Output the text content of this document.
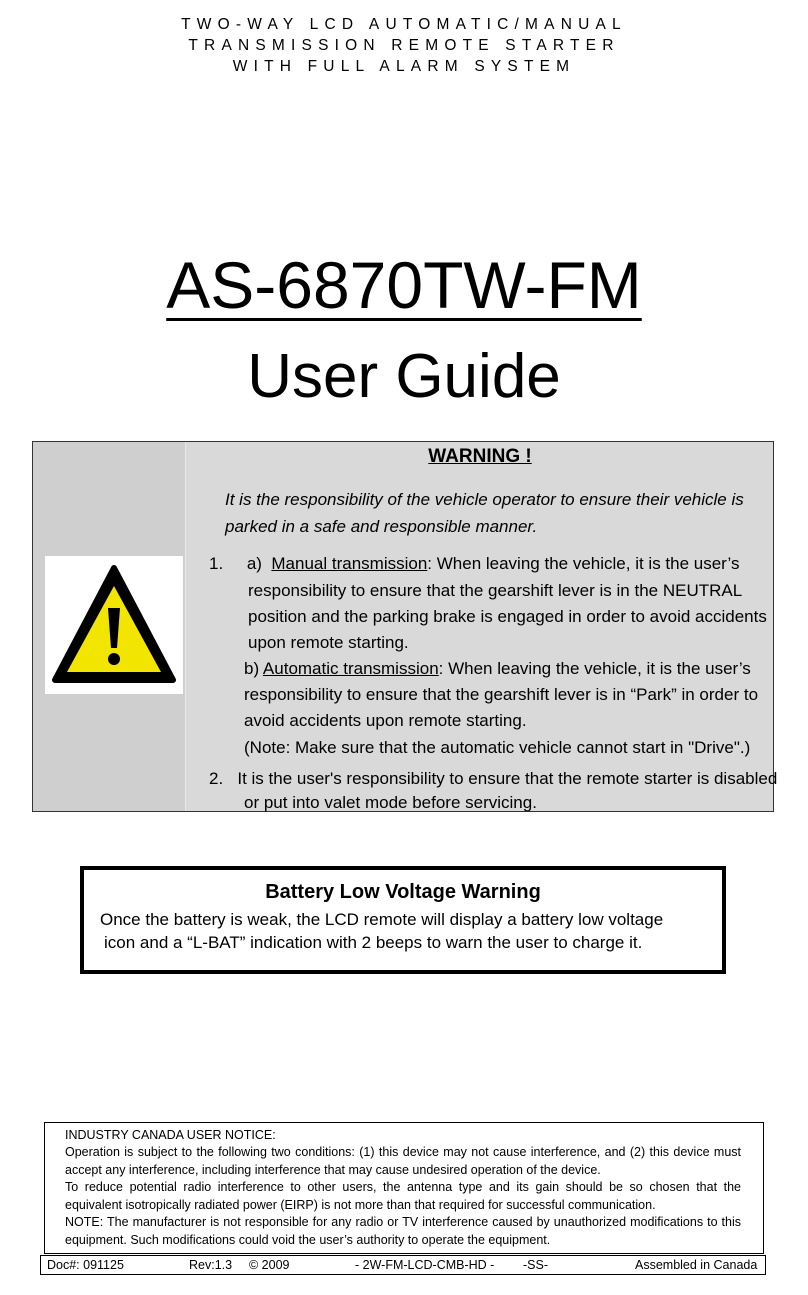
TWO-WAY LCD AUTOMATIC/MANUAL
TRANSMISSION REMOTE STARTER
WITH FULL ALARM SYSTEM
AS-6870TW-FM
User Guide
WARNING !
It is the responsibility of the vehicle operator to ensure their vehicle is parked in a safe and responsible manner.
1. a) Manual transmission: When leaving the vehicle, it is the user’s
responsibility to ensure that the gearshift lever is in the NEUTRAL
position and the parking brake is engaged in order to avoid accidents
upon remote starting.
b) Automatic transmission: When leaving the vehicle, it is the user’s
responsibility to ensure that the gearshift lever is in “Park” in order to
avoid accidents upon remote starting.
(Note: Make sure that the automatic vehicle cannot start in "Drive".)
2. It is the user's responsibility to ensure that the remote starter is disabled
or put into valet mode before servicing.
Battery Low Voltage Warning
Once the battery is weak, the LCD remote will display a battery low voltage
icon and a “L-BAT” indication with 2 beeps to warn the user to charge it.
INDUSTRY CANADA USER NOTICE:
Operation is subject to the following two conditions: (1) this device may not cause interference, and (2) this device must accept any interference, including interference that may cause undesired operation of the device.
To reduce potential radio interference to other users, the antenna type and its gain should be so chosen that the equivalent isotropically radiated power (EIRP) is not more than that required for successful communication.
NOTE: The manufacturer is not responsible for any radio or TV interference caused by unauthorized modifications to this equipment. Such modifications could void the user’s authority to operate the equipment.
Doc#: 091125	Rev:1.3 © 2009	- 2W-FM-LCD-CMB-HD - -SS-	Assembled in Canada
